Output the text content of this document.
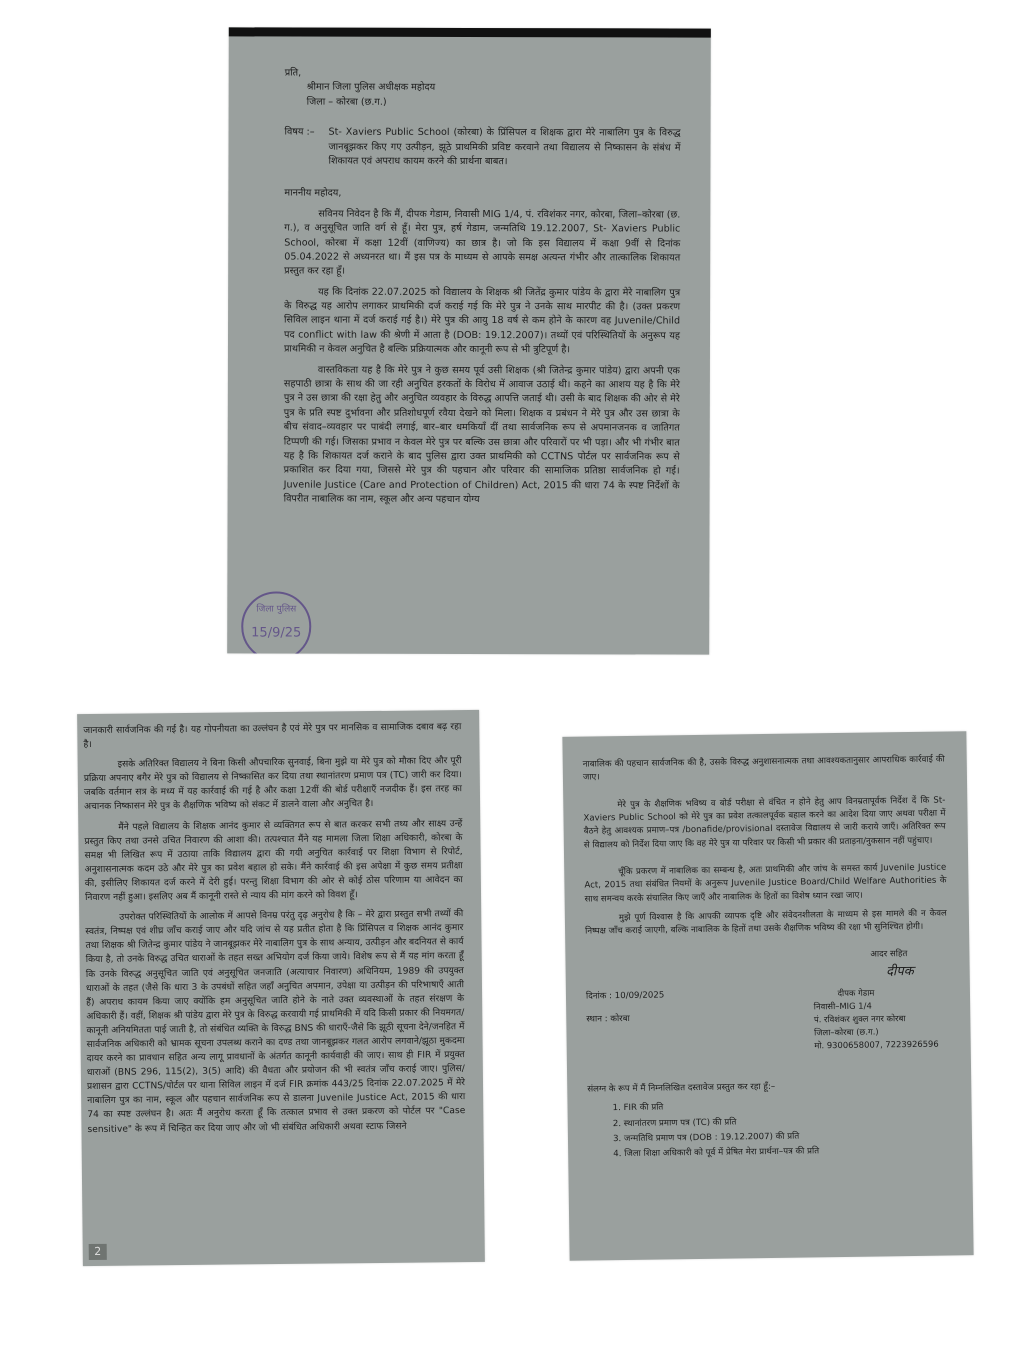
प्रति,
श्रीमान जिला पुलिस अधीक्षक महोदय
जिला – कोरबा (छ.ग.)
विषय :– St- Xaviers Public School (कोरबा) के प्रिंसिपल व शिक्षक द्वारा मेरे नाबालिग पुत्र के विरुद्ध जानबूझकर किए गए उत्पीड़न, झूठे प्राथमिकी प्रविष्ट करवाने तथा विद्यालय से निष्कासन के संबंध में शिकायत एवं अपराध कायम करने की प्रार्थना बाबत।

माननीय महोदय,

सविनय निवेदन है कि मैं, दीपक गेडाम, निवासी MIG 1/4, पं. रविशंकर नगर, कोरबा, जिला–कोरबा (छ. ग.), व अनुसूचित जाति वर्ग से हूँ। मेरा पुत्र, हर्ष गेडाम, जन्मतिथि 19.12.2007, St- Xaviers Public School, कोरबा में कक्षा 12वीं (वाणिज्य) का छात्र है। जो कि इस विद्यालय में कक्षा 9वीं से दिनांक 05.04.2022 से अध्यनरत था। मैं इस पत्र के माध्यम से आपके समक्ष अत्यन्त गंभीर और तात्कालिक शिकायत प्रस्तुत कर रहा हूँ।

यह कि दिनांक 22.07.2025 को विद्यालय के शिक्षक श्री जितेंद्र कुमार पांडेय के द्वारा मेरे नाबालिग पुत्र के विरुद्ध यह आरोप लगाकर प्राथमिकी दर्ज कराई गई कि मेरे पुत्र ने उनके साथ मारपीट की है। (उक्त प्रकरण सिविल लाइन थाना में दर्ज कराई गई है।) मेरे पुत्र की आयु 18 वर्ष से कम होने के कारण वह Juvenile/Child पद conflict with law की श्रेणी में आता है (DOB: 19.12.2007)। तथ्यों एवं परिस्थितियों के अनुरूप यह प्राथमिकी न केवल अनुचित है बल्कि प्रक्रियात्मक और कानूनी रूप से भी त्रुटिपूर्ण है।

वास्तविकता यह है कि मेरे पुत्र ने कुछ समय पूर्व उसी शिक्षक (श्री जितेन्द्र कुमार पांडेय) द्वारा अपनी एक सहपाठी छात्रा के साथ की जा रही अनुचित हरकतों के विरोध में आवाज उठाई थी। कहने का आशय यह है कि मेरे पुत्र ने उस छात्रा की रक्षा हेतु और अनुचित व्यवहार के विरुद्ध आपत्ति जताई थी। उसी के बाद शिक्षक की ओर से मेरे पुत्र के प्रति स्पष्ट दुर्भावना और प्रतिशोधपूर्ण रवैया देखने को मिला। शिक्षक व प्रबंधन ने मेरे पुत्र और उस छात्रा के बीच संवाद–व्यवहार पर पाबंदी लगाई, बार–बार धमकियाँ दीं तथा सार्वजनिक रूप से अपमानजनक व जातिगत टिप्पणी की गई। जिसका प्रभाव न केवल मेरे पुत्र पर बल्कि उस छात्रा और परिवारों पर भी पड़ा। और भी गंभीर बात यह है कि शिकायत दर्ज कराने के बाद पुलिस द्वारा उक्त प्राथमिकी को CCTNS पोर्टल पर सार्वजनिक रूप से प्रकाशित कर दिया गया, जिससे मेरे पुत्र की पहचान और परिवार की सामाजिक प्रतिष्ठा सार्वजनिक हो गई। Juvenile Justice (Care and Protection of Children) Act, 2015 की धारा 74 के स्पष्ट निर्देशों के विपरीत नाबालिक का नाम, स्कूल और अन्य पहचान योग्य

जिला पुलिस
15/9/25

जानकारी सार्वजनिक की गई है। यह गोपनीयता का उल्लंघन है एवं मेरे पुत्र पर मानसिक व सामाजिक दबाव बढ़ रहा है।

इसके अतिरिक्त विद्यालय ने बिना किसी औपचारिक सुनवाई, बिना मुझे या मेरे पुत्र को मौका दिए और पूरी प्रक्रिया अपनाए बगैर मेरे पुत्र को विद्यालय से निष्कासित कर दिया तथा स्थानांतरण प्रमाण पत्र (TC) जारी कर दिया। जबकि वर्तमान सत्र के मध्य में यह कार्रवाई की गई है और कक्षा 12वीं की बोर्ड परीक्षाएँ नजदीक हैं। इस तरह का अचानक निष्कासन मेरे पुत्र के शैक्षणिक भविष्य को संकट में डालने वाला और अनुचित है।

मैंने पहले विद्यालय के शिक्षक आनंद कुमार से व्यक्तिगत रूप से बात करकर सभी तथ्य और साक्ष्य उन्हें प्रस्तुत किए तथा उनसे उचित निवारण की आशा की। तत्पश्चात मैंने यह मामला जिला शिक्षा अधिकारी, कोरबा के समक्ष भी लिखित रूप में उठाया ताकि विद्यालय द्वारा की गयी अनुचित कार्रवाई पर शिक्षा विभाग से रिपोर्ट, अनुशासनात्मक कदम उठे और मेरे पुत्र का प्रवेश बहाल हो सके। मैंने कार्रवाई की इस अपेक्षा में कुछ समय प्रतीक्षा की, इसीलिए शिकायत दर्ज करने में देरी हुई। परन्तु शिक्षा विभाग की ओर से कोई ठोस परिणाम या आवेदन का निवारण नहीं हुआ। इसलिए अब मैं कानूनी रास्ते से न्याय की मांग करने को विवश हूँ।

उपरोक्त परिस्थितियों के आलोक में आपसे विनम्र परंतु दृढ़ अनुरोध है कि – मेरे द्वारा प्रस्तुत सभी तथ्यों की स्वतंत्र, निष्पक्ष एवं शीघ्र जाँच कराई जाए और यदि जांच से यह प्रतीत होता है कि प्रिंसिपल व शिक्षक आनंद कुमार तथा शिक्षक श्री जितेन्द्र कुमार पांडेय ने जानबूझकर मेरे नाबालिग पुत्र के साथ अन्याय, उत्पीड़न और बदनियत से कार्य किया है, तो उनके विरुद्ध उचित धाराओं के तहत सख्त अभियोग दर्ज किया जाये। विशेष रूप से मैं यह मांग करता हूँ कि उनके विरुद्ध अनुसूचित जाति एवं अनुसूचित जनजाति (अत्याचार निवारण) अधिनियम, 1989 की उपयुक्त धाराओं के तहत (जैसे कि धारा 3 के उपबंधों सहित जहाँ अनुचित अपमान, उपेक्षा या उत्पीड़न की परिभाषाएँ आती हैं) अपराध कायम किया जाए क्योंकि हम अनुसूचित जाति होने के नाते उक्त व्यवस्थाओं के तहत संरक्षण के अधिकारी हैं। वहीं, शिक्षक श्री पांडेय द्वारा मेरे पुत्र के विरुद्ध करवायी गई प्राथमिकी में यदि किसी प्रकार की नियमगत/कानूनी अनियमितता पाई जाती है, तो संबंधित व्यक्ति के विरुद्ध BNS की धाराएँ-जैसे कि झूठी सूचना देने/जनहित में सार्वजनिक अधिकारी को भ्रामक सूचना उपलब्ध कराने का दण्ड तथा जानबूझकर गलत आरोप लगवाने/झूठा मुकदमा दायर करने का प्रावधान सहित अन्य लागू प्रावधानों के अंतर्गत कानूनी कार्यवाही की जाए। साथ ही FIR में प्रयुक्त धाराओं (BNS 296, 115(2), 3(5) आदि) की वैधता और प्रयोजन की भी स्वतंत्र जाँच कराई जाए। पुलिस/प्रशासन द्वारा CCTNS/पोर्टल पर थाना सिविल लाइन में दर्ज FIR क्रमांक 443/25 दिनांक 22.07.2025 में मेरे नाबालिग पुत्र का नाम, स्कूल और पहचान सार्वजनिक रूप से डालना Juvenile Justice Act, 2015 की धारा 74 का स्पष्ट उल्लंघन है। अतः मैं अनुरोध करता हूँ कि तत्काल प्रभाव से उक्त प्रकरण को पोर्टल पर "Case sensitive" के रूप में चिन्हित कर दिया जाए और जो भी संबंधित अधिकारी अथवा स्टाफ जिसने

2

नाबालिक की पहचान सार्वजनिक की है, उसके विरुद्ध अनुशासनात्मक तथा आवश्यकतानुसार आपराधिक कार्रवाई की जाए।

मेरे पुत्र के शैक्षणिक भविष्य व बोर्ड परीक्षा से वंचित न होने हेतु आप विनम्रतापूर्वक निर्देश दें कि St- Xaviers Public School को मेरे पुत्र का प्रवेश तत्कालपूर्वक बहाल करने का आदेश दिया जाए अथवा परीक्षा में बैठने हेतु आवश्यक प्रमाण–पत्र /bonafide/provisional दस्तावेज विद्यालय से जारी कराये जाएँ। अतिरिक्त रूप से विद्यालय को निर्देश दिया जाए कि वह मेरे पुत्र या परिवार पर किसी भी प्रकार की प्रताड़ना/नुकसान नहीं पहुंचाए।

चूँकि प्रकरण में नाबालिक का सम्बन्ध है, अतः प्राथमिकी और जांच के समस्त कार्य Juvenile Justice Act, 2015 तथा संबंधित नियमों के अनुरूप Juvenile Justice Board/Child Welfare Authorities के साथ समन्वय करके संचालित किए जाएँ और नाबालिक के हितों का विशेष ध्यान रखा जाए।

मुझे पूर्ण विश्वास है कि आपकी व्यापक दृष्टि और संवेदनशीलता के माध्यम से इस मामले की न केवल निष्पक्ष जाँच कराई जाएगी, बल्कि नाबालिक के हितों तथा उसके शैक्षणिक भविष्य की रक्षा भी सुनिश्चित होगी।

आदर सहित
दीपक

दिनांक : 10/09/2025

स्थान : कोरबा

दीपक गेडाम
निवासी–MIG 1/4
पं. रविशंकर शुक्ल नगर कोरबा
जिला–कोरबा (छ.ग.)
मो. 9300658007, 7223926596
संलग्न के रूप में मैं निम्नलिखित दस्तावेज प्रस्तुत कर रहा हूँ:–
1. FIR की प्रति
2. स्थानांतरण प्रमाण पत्र (TC) की प्रति
3. जन्मतिथि प्रमाण पत्र (DOB : 19.12.2007) की प्रति
4. जिला शिक्षा अधिकारी को पूर्व में प्रेषित मेरा प्रार्थना–पत्र की प्रति
